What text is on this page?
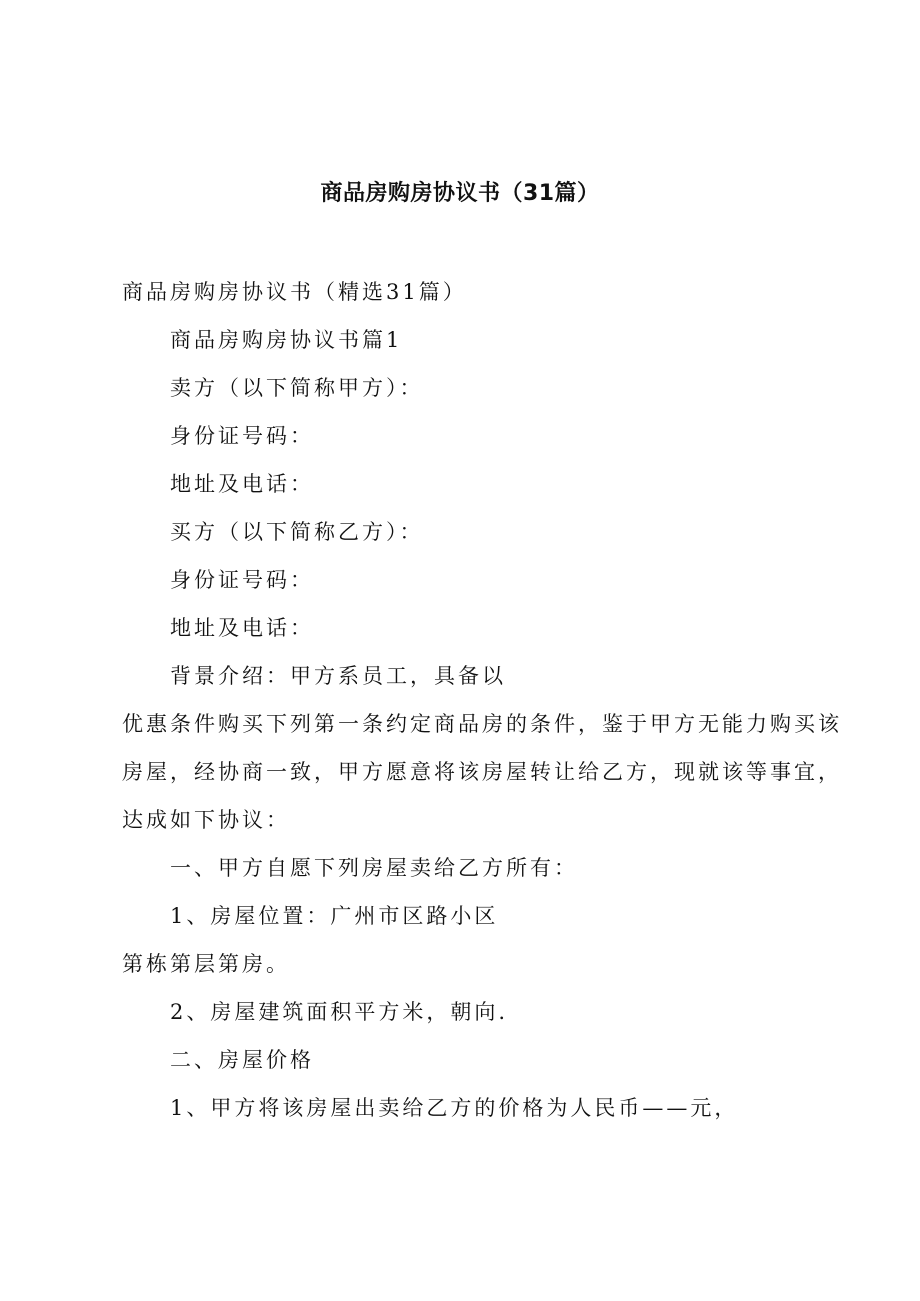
商品房购房协议书（31篇）

商品房购房协议书（精选31篇）

商品房购房协议书篇1

卖方（以下简称甲方）：

身份证号码：

地址及电话：

买方（以下简称乙方）：

身份证号码：

地址及电话：

背景介绍：甲方系员工，具备以

优惠条件购买下列第一条约定商品房的条件，鉴于甲方无能力购买该

房屋，经协商一致，甲方愿意将该房屋转让给乙方，现就该等事宜，

达成如下协议：

一、甲方自愿下列房屋卖给乙方所有：

1、房屋位置：广州市区路小区

第栋第层第房。

2、房屋建筑面积平方米，朝向.

二、房屋价格

1、甲方将该房屋出卖给乙方的价格为人民币——元，
